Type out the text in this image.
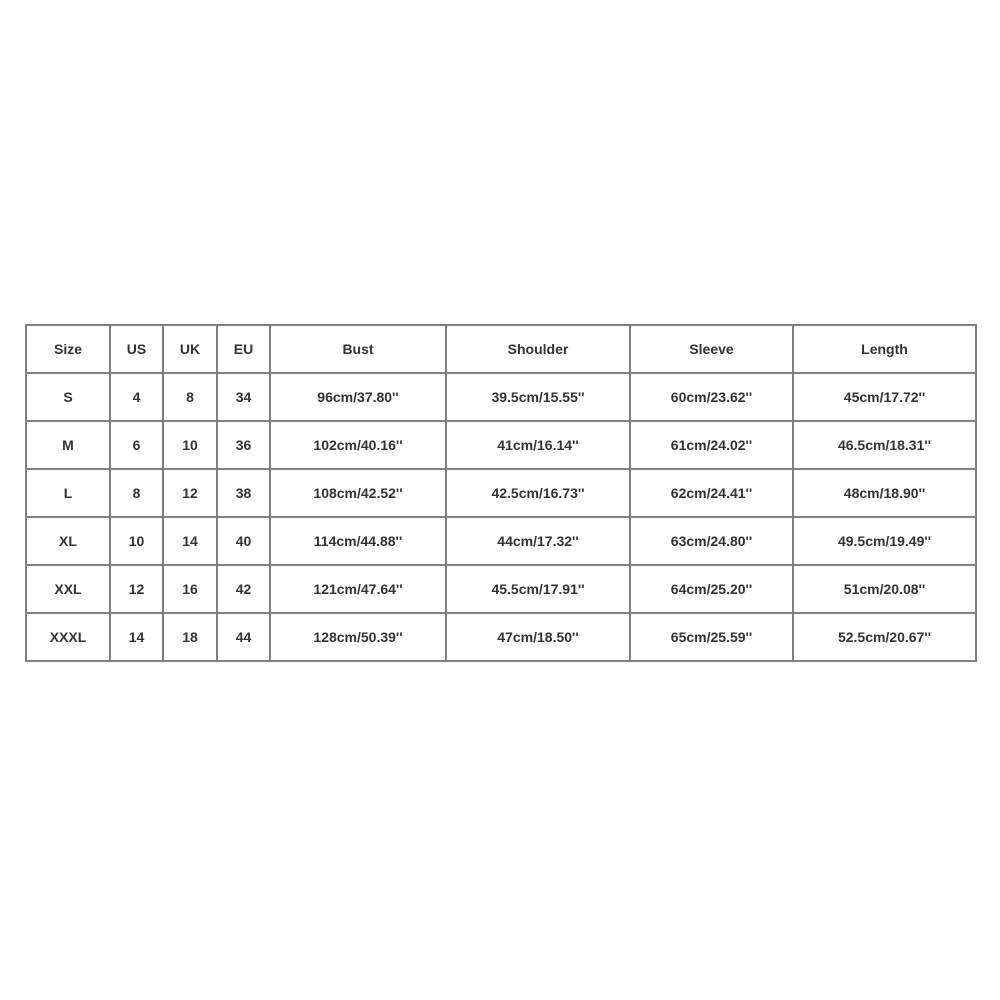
Size	US	UK	EU	Bust	Shoulder	Sleeve	Length
S	4	8	34	96cm/37.80''	39.5cm/15.55''	60cm/23.62''	45cm/17.72''
M	6	10	36	102cm/40.16''	41cm/16.14''	61cm/24.02''	46.5cm/18.31''
L	8	12	38	108cm/42.52''	42.5cm/16.73''	62cm/24.41''	48cm/18.90''
XL	10	14	40	114cm/44.88''	44cm/17.32''	63cm/24.80''	49.5cm/19.49''
XXL	12	16	42	121cm/47.64''	45.5cm/17.91''	64cm/25.20''	51cm/20.08''
XXXL	14	18	44	128cm/50.39''	47cm/18.50''	65cm/25.59''	52.5cm/20.67''
